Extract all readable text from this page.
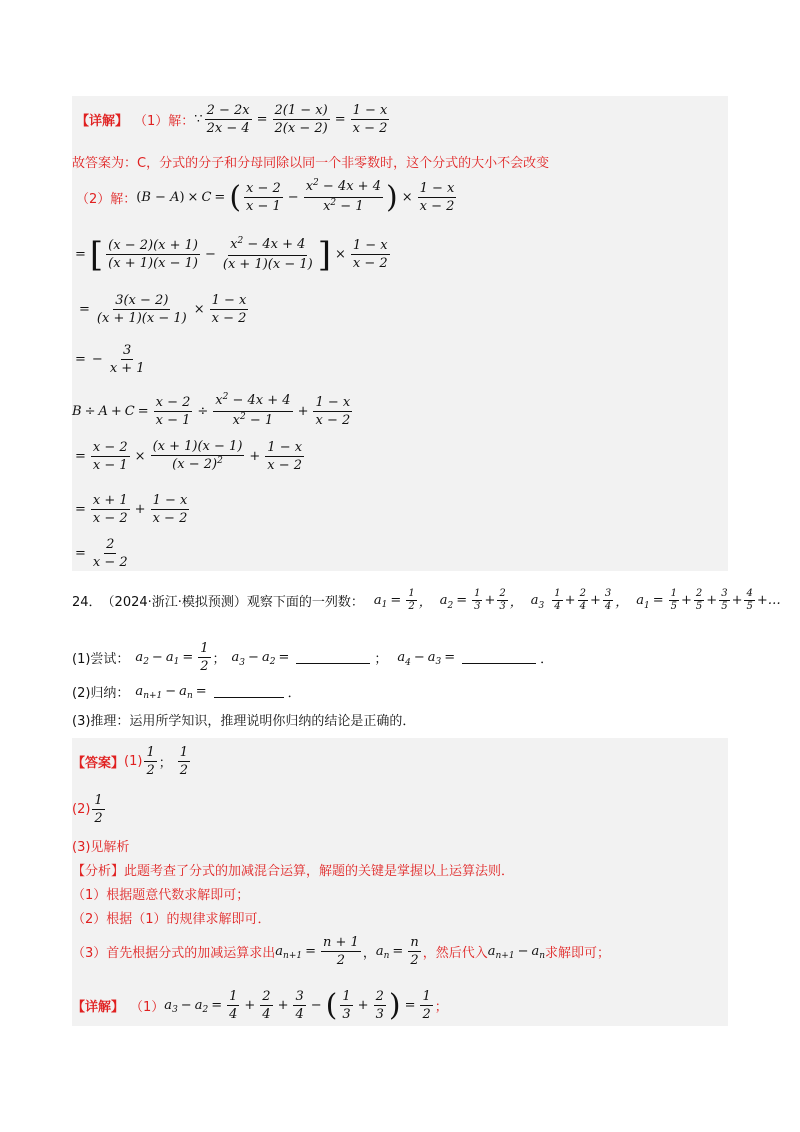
【详解】 （1）解： ∵ $\frac{2 - 2x}{2x - 4} = \frac{2(1 - x)}{2(x - 2)} = \frac{1 - x}{x - 2}$
故答案为：C，分式的分子和分母同除以同一个非零数时，这个分式的大小不会改变
（2）解： ( B − A ) × C = ( $\frac{x - 2}{x - 1} - \frac{x^2 - 4x + 4}{x^2 - 1}$ ) × $\frac{1 - x}{x - 2}$
= [ $\frac{(x - 2)(x + 1)}{(x + 1)(x - 1)} - \frac{x^2 - 4x + 4}{(x + 1)(x - 1)}$ ] × $\frac{1 - x}{x - 2}$
= $\frac{3(x - 2)}{(x + 1)(x - 1)} \times \frac{1 - x}{x - 2}$
= − $\frac{3}{x + 1}$
$B \div A + C = \frac{x - 2}{x - 1} \div \frac{x^2 - 4x + 4}{x^2 - 1} + \frac{1 - x}{x - 2}$
= $\frac{x - 2}{x - 1} \times \frac{(x + 1)(x - 1)}{(x - 2)^2} + \frac{1 - x}{x - 2}$
= $\frac{x + 1}{x - 2} + \frac{1 - x}{x - 2}$
= $\frac{2}{x - 2}$
24． （2024·浙江·模拟预测）观察下面的一列数： a $1 = \frac{1}{2}$ ， $a_2 = \frac{1}{3} + \frac{2}{3}$ ， $a_3 \frac{1}{4} + \frac{2}{4} + \frac{3}{4}$ ， $a_1 = \frac{1}{5} + \frac{2}{5} + \frac{3}{5} + \frac{4}{5}$ +…
(1)尝试： a 2 − a $1 = \frac{1}{2}$ ； $a_3 - a$ 2 =	； $a_4 - a$ 3 =	．
(2)归纳： a n+1 − a n =	．
(3)推理：运用所学知识，推理说明你归纳的结论是正确的．
【答案】 $(1) \frac{1}{2}$ ； $\frac{1}{2}$
$(2) \frac{1}{2}$
(3)见解析
【分析】此题考查了分式的加减混合运算，解题的关键是掌握以上运算法则．
（1）根据题意代数求解即可；
（2）根据（1）的规律求解即可．
（3）首先根据分式的加减运算求出 a $n+1 = \frac{n + 1}{2}$ ， a $n = \frac{n}{2}$ ，然后代入 a n+1 − a n 求解即可；
【详解】 （1） a 3 − a $2 = \frac{1}{4} + \frac{2}{4} + \frac{3}{4}$ − ( $\frac{1}{3} + \frac{2}{3}$ ) = $\frac{1}{2}$ ；
